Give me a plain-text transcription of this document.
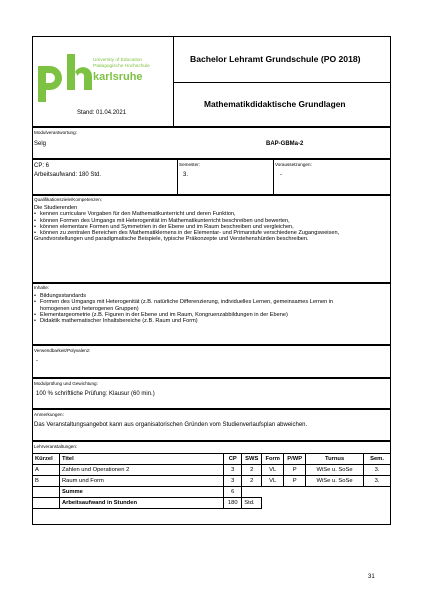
University of Education
Pädagogische Hochschule
karlsruhe
Stand: 01.04.2021
Bachelor Lehramt Grundschule (PO 2018)
Mathematikdidaktische Grundlagen
Modulverantwortung:
Selg	BAP-GBMa-2
CP: 6
Arbeitsaufwand: 180 Std.
Semester:
3.
Voraussetzungen:
-
Qualifikationsziele/Kompetenzen:
Die Studierenden
• kennen curriculare Vorgaben für den Mathematikunterricht und deren Funktion,
• können Formen des Umgangs mit Heterogenität im Mathematikunterricht beschreiben und bewerten,
• können elementare Formen und Symmetrien in der Ebene und im Raum beschreiben und vergleichen,
• können zu zentralen Bereichen des Mathematiklernens in der Elementar- und Primarstufe verschiedene Zugangsweisen,
Grundvorstellungen und paradigmatische Beispiele, typische Präkonzepte und Verstehenshürden beschreiben.
Inhalte:
• Bildungsstandards
• Formen des Umgangs mit Heterogenität (z.B. natürliche Differenzierung, individuelles Lernen, gemeinsames Lernen in
homogenen und heterogenen Gruppen)
• Elementargeometrie (z.B. Figuren in der Ebene und im Raum, Kongruenzabbildungen in der Ebene)
• Didaktik mathematischer Inhaltsbereiche (z.B. Raum und Form)
Verwendbarkeit/Polyvalenz:
-
Modulprüfung und Gewichtung:
100 % schriftliche Prüfung: Klausur (60 min.)
Anmerkungen:
Das Veranstaltungsangebot kann aus organisatorischen Gründen vom Studienverlaufsplan abweichen.
Lehrveranstaltungen:
Kürzel	Titel	CP	SWS	Form	P/WP	Turnus	Sem.
A	Zahlen und Operationen 2	3	2	VL	P	WiSe u. SoSe	3.
B	Raum und Form	3	2	VL	P	WiSe u. SoSe	3.
	Summe	6					
	Arbeitsaufwand in Stunden	180	Std.				
31
